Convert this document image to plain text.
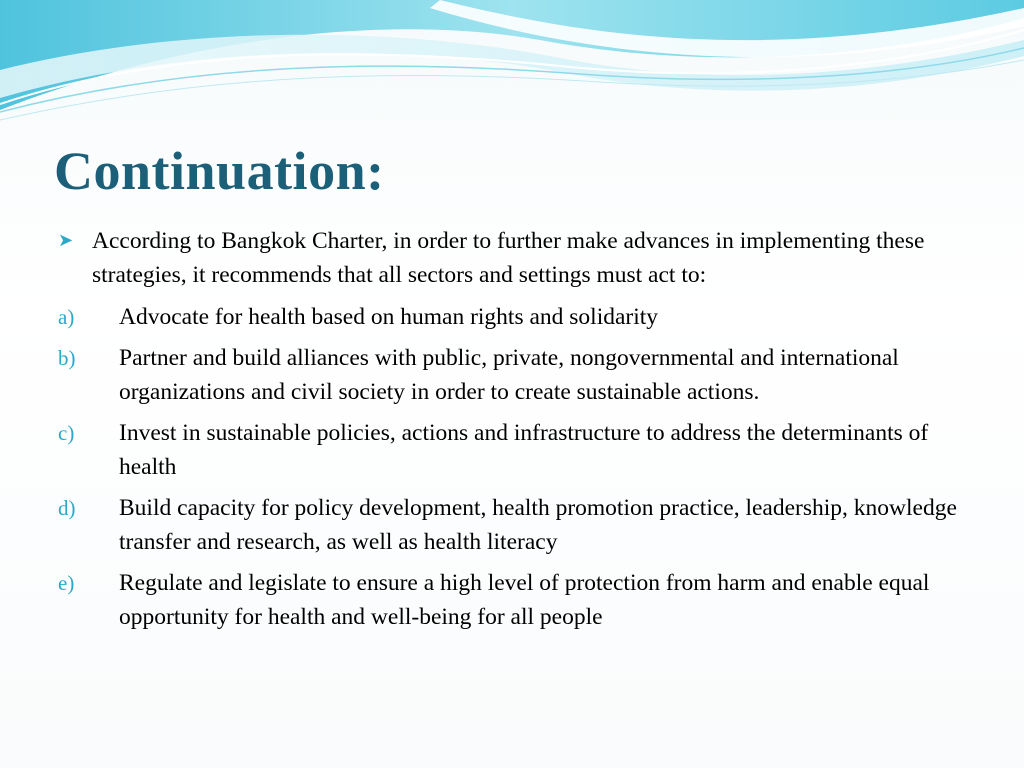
Continuation:
➤ According to Bangkok Charter, in order to further make advances in implementing these strategies, it recommends that all sectors and settings must act to:
a)	Advocate for health based on human rights and solidarity
b)	Partner and build alliances with public, private, nongovernmental and international organizations and civil society in order to create sustainable actions.
c)	Invest in sustainable policies, actions and infrastructure to address the determinants of health
d)	Build capacity for policy development, health promotion practice, leadership, knowledge transfer and research, as well as health literacy
e)	Regulate and legislate to ensure a high level of protection from harm and enable equal opportunity for health and well-being for all people
